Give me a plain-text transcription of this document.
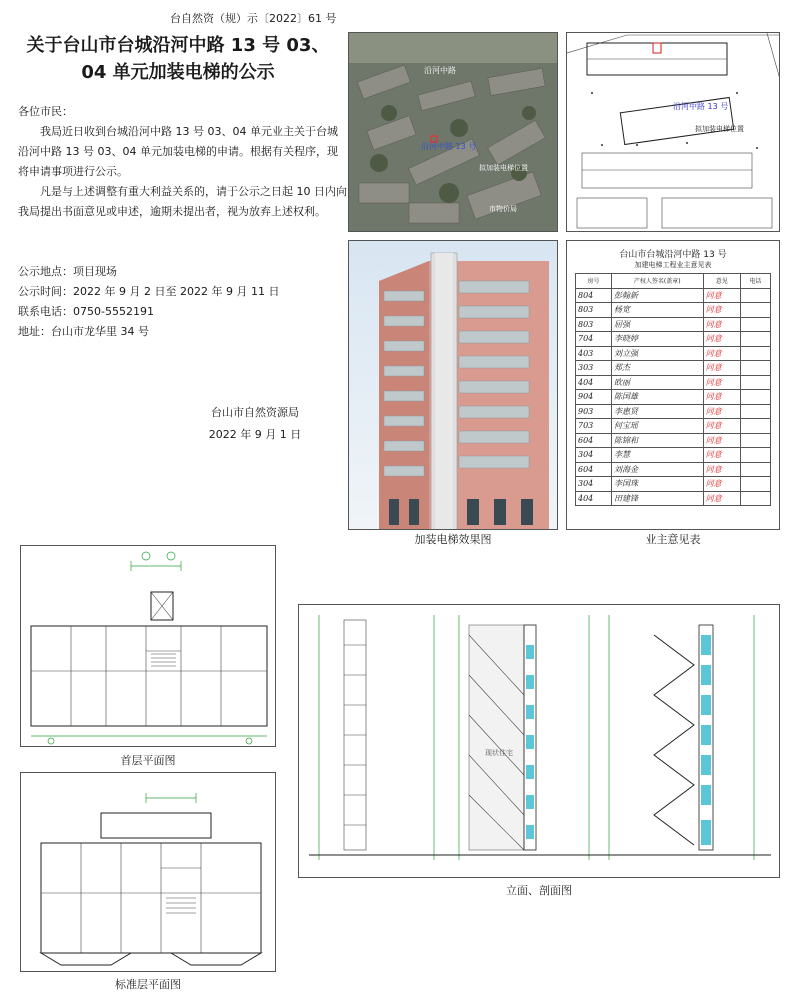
台自然资（规）示〔2022〕61 号
关于台山市台城沿河中路 13 号 03、
04 单元加装电梯的公示

各位市民：

我局近日收到台城沿河中路 13 号 03、04 单元业主关于台城沿河中路 13 号 03、04 单元加装电梯的申请。根据有关程序，现将申请事项进行公示。

凡是与上述调整有重大利益关系的，请于公示之日起 10 日内向我局提出书面意见或申述，逾期未提出者，视为放弃上述权利。

公示地点：项目现场
公示时间：2022 年 9 月 2 日至 2022 年 9 月 11 日
联系电话：0750-5552191
地址：台山市龙华里 34 号
台山市自然资源局
2022 年 9 月 1 日
沿河中路
沿河中路 13 号
拟加装电梯位置
市物价局
沿河中路 13 号
拟加装电梯位置
台山市台城沿河中路 13 号
加建电梯工程业主意见表
房号	产权人签名(盖章)	意见	电话
804	彭翰新	同意	
803	杨宽	同意	
803	屈强	同意	
704	李晓婷	同意	
403	刘立强	同意	
303	郑杰	同意	
404	欧丽	同意	
904	陈国雄	同意	
903	李惠贤	同意	
703	何宝瑶	同意	
604	陈锦和	同意	
304	李慧	同意	
604	刘海金	同意	
304	李国珠	同意	
404	田建锋	同意	
加装电梯效果图	业主意见表
首层平面图
现状住宅
立面、剖面图
标准层平面图
